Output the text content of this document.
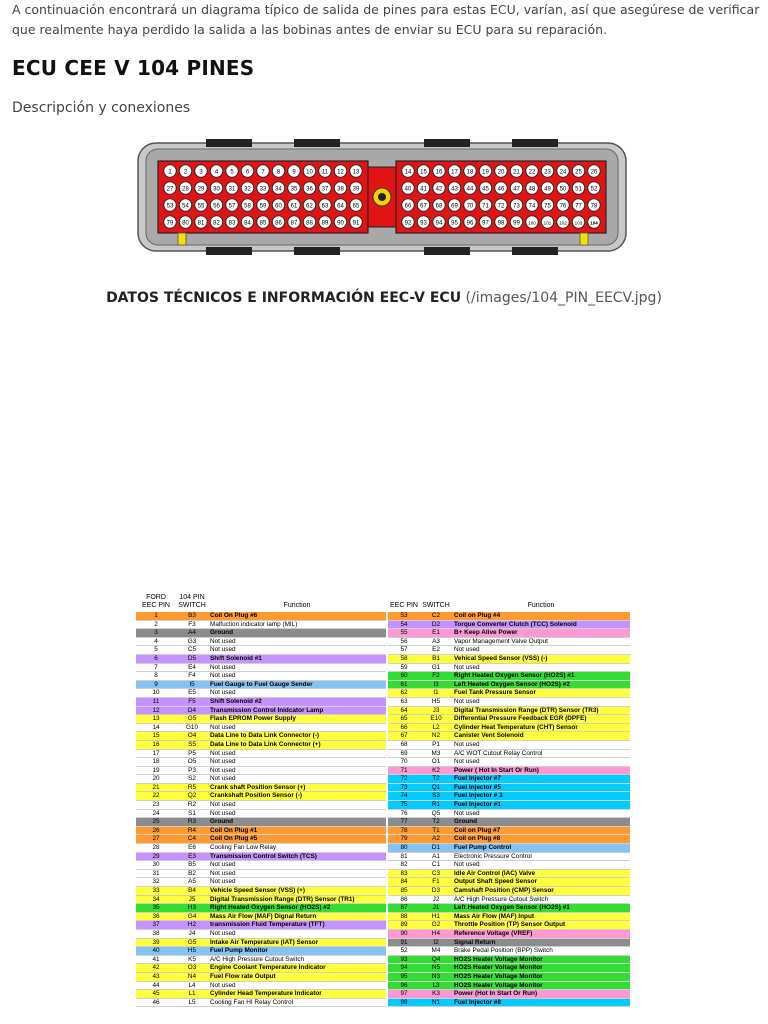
A continuación encontrará un diagrama típico de salida de pines para estas ECU, varían, así que asegúrese de verificar que realmente haya perdido la salida a las bobinas antes de enviar su ECU para su reparación.
ECU CEE V 104 PINES
Descripción y conexiones
1 2 3 4 5 6 7 8 9 10 11 12 13	14 15 16 17 18 19 20 21 22 23 24 25 26
27 28 29 30 31 32 33 34 35 36 37 38 39	40 41 42 43 44 45 46 47 48 49 50 51 52
53 54 55 56 57 58 59 60 61 62 63 64 65	66 67 68 69 70 71 72 73 74 75 76 77 78
79 80 81 82 83 84 85 86 87 88 89 90 91	92 93 94 95 96 97 98 99 100 101 102 103 104
DATOS TÉCNICOS E INFORMACIÓN EEC-V ECU (/images/104_PIN_EECV.jpg)
FORD
EEC PIN
104 PIN
SWITCH	Function	EEC PIN SWITCH	Function
1	B3	Coil On Plug #6	53	C2	Coil on Plug #4
2	F3	Malfuction indicator lamp (MIL)	54	D2	Torque Converter Clutch (TCC) Solenoid
3	A4	Ground	55	E1	B+ Keep Alive Power
4	G3	Not used	56	A3	Vapor Management Valve Output
5	C5	Not used	57	E2	Not used
6	D5	Shift Solenoid #1	58	B1	Vehical Speed Sensor (VSS) (-)
7	E4	Not used	59	G1	Not used
8	F4	Not used	60	F2	Right Heated Oxygen Sensor (HO2S) #1
9	I5	Fuel Gauge to Fuel Gauge Sender	61	I3	Left Heated Oxygen Sensor (HO2S) #2
10	E5	Not used	62	I1	Fuel Tank Pressure Sensor
11	F5	Shift Solenoid #2	63	H5	Not used
12	D4	Transmission Control Inidcator Lamp	64	J3	Digital Transmission Range (DTR) Sensor (TR3)
13	G5	Flash EPROM Power Supply	65	E10	Differential Pressure Feedback EGR (DPFE)
14	G10	Not used	66	L2	Cylinder Heat Temperature (CHT) Sensor
15	O4	Data Line to Data Link Connector (-)	67	N2	Canister Vent Solenoid
16	S5	Data Line to Data Link Connector (+)	68	P1	Not used
17	P5	Not used	69	M3	A/C WOT Cutout Relay Control
18	O5	Not used	70	O1	Not used
19	P3	Not used	71	K2	Power ( Hot In Start Or Run)
20	S2	Not used	72	T2	Fuel Injector #7
21	R5	Crank shaft Position Sensor (+)	73	Q1	Fuel Injector #5
22	Q2	Crankshaft Position Sensor (-)	74	S3	Fuel Injector # 3
23	R2	Not used	75	R1	Fuel Injector #1
24	S1	Not used	76	Q5	Not used
25	R3	Ground	77	T2	Ground
26	R4	Coil On Plug #1	78	T1	Coil on Plug #7
27	C4	Coil On Plug #5	79	A2	Coil on Plug #8
28	E6	Cooling Fan Low Relay	80	D1	Fuel Pump Control
29	E3	Transmission Control Switch (TCS)	81	A1	Electronic Pressure Control
30	B5	Not used	82	C1	Not used
31	B2	Not used	83	C3	Idle Air Control (IAC) Valve
32	A5	Not used	84	F1	Output Shaft Speed Sensor
33	B4	Vehicle Speed Sensor (VSS) (+)	85	D3	Camshaft Position (CMP) Sensor
34	J5	Digital Transmission Range (DTR) Sensor (TR1)	86	J2	A/C High Pressure Cutout Switch
35	H3	Right Heated Oxygen Sensor (HO2S) #2	87	J1	Left Heated Oxygen Sensor (HO2S) #1
36	G4	Mass Air Flow (MAF) Dignal Return	88	H1	Mass Air Flow (MAF) Input
37	H2	transmission Fluid Temperature (TFT)	89	G2	Throttle Position (TP) Sensor Output
38	J4	Not used	90	H4	Reference Voltage (VREF)
39	G5	Intake Air Temperature (IAT) Sensor	91	I2	Signal Return
40	H5	Fuel Pump Monitor	52	M4	Brake Pedal Position (BPP) Switch
41	K5	A/C High Pressure Cutout Switch	93	Q4	HO2S Heater Voltage Monitor
42	O3	Engine Coolant Temperature Indicator	94	N5	HO2S Heater Voltage Monitor
43	N4	Fuel Flow rate Output	95	N3	HO2S Heater Voltage Monitor
44	L4	Not used	96	L3	HO2S Heater Voltage Monitor
45	L1	Cylinder Head Temperature Indicator	97	K3	Power (Hot In Start Or Run)
46	L5	Cooling Fan HI Relay Control	98	N1	Fuel Injector #8
